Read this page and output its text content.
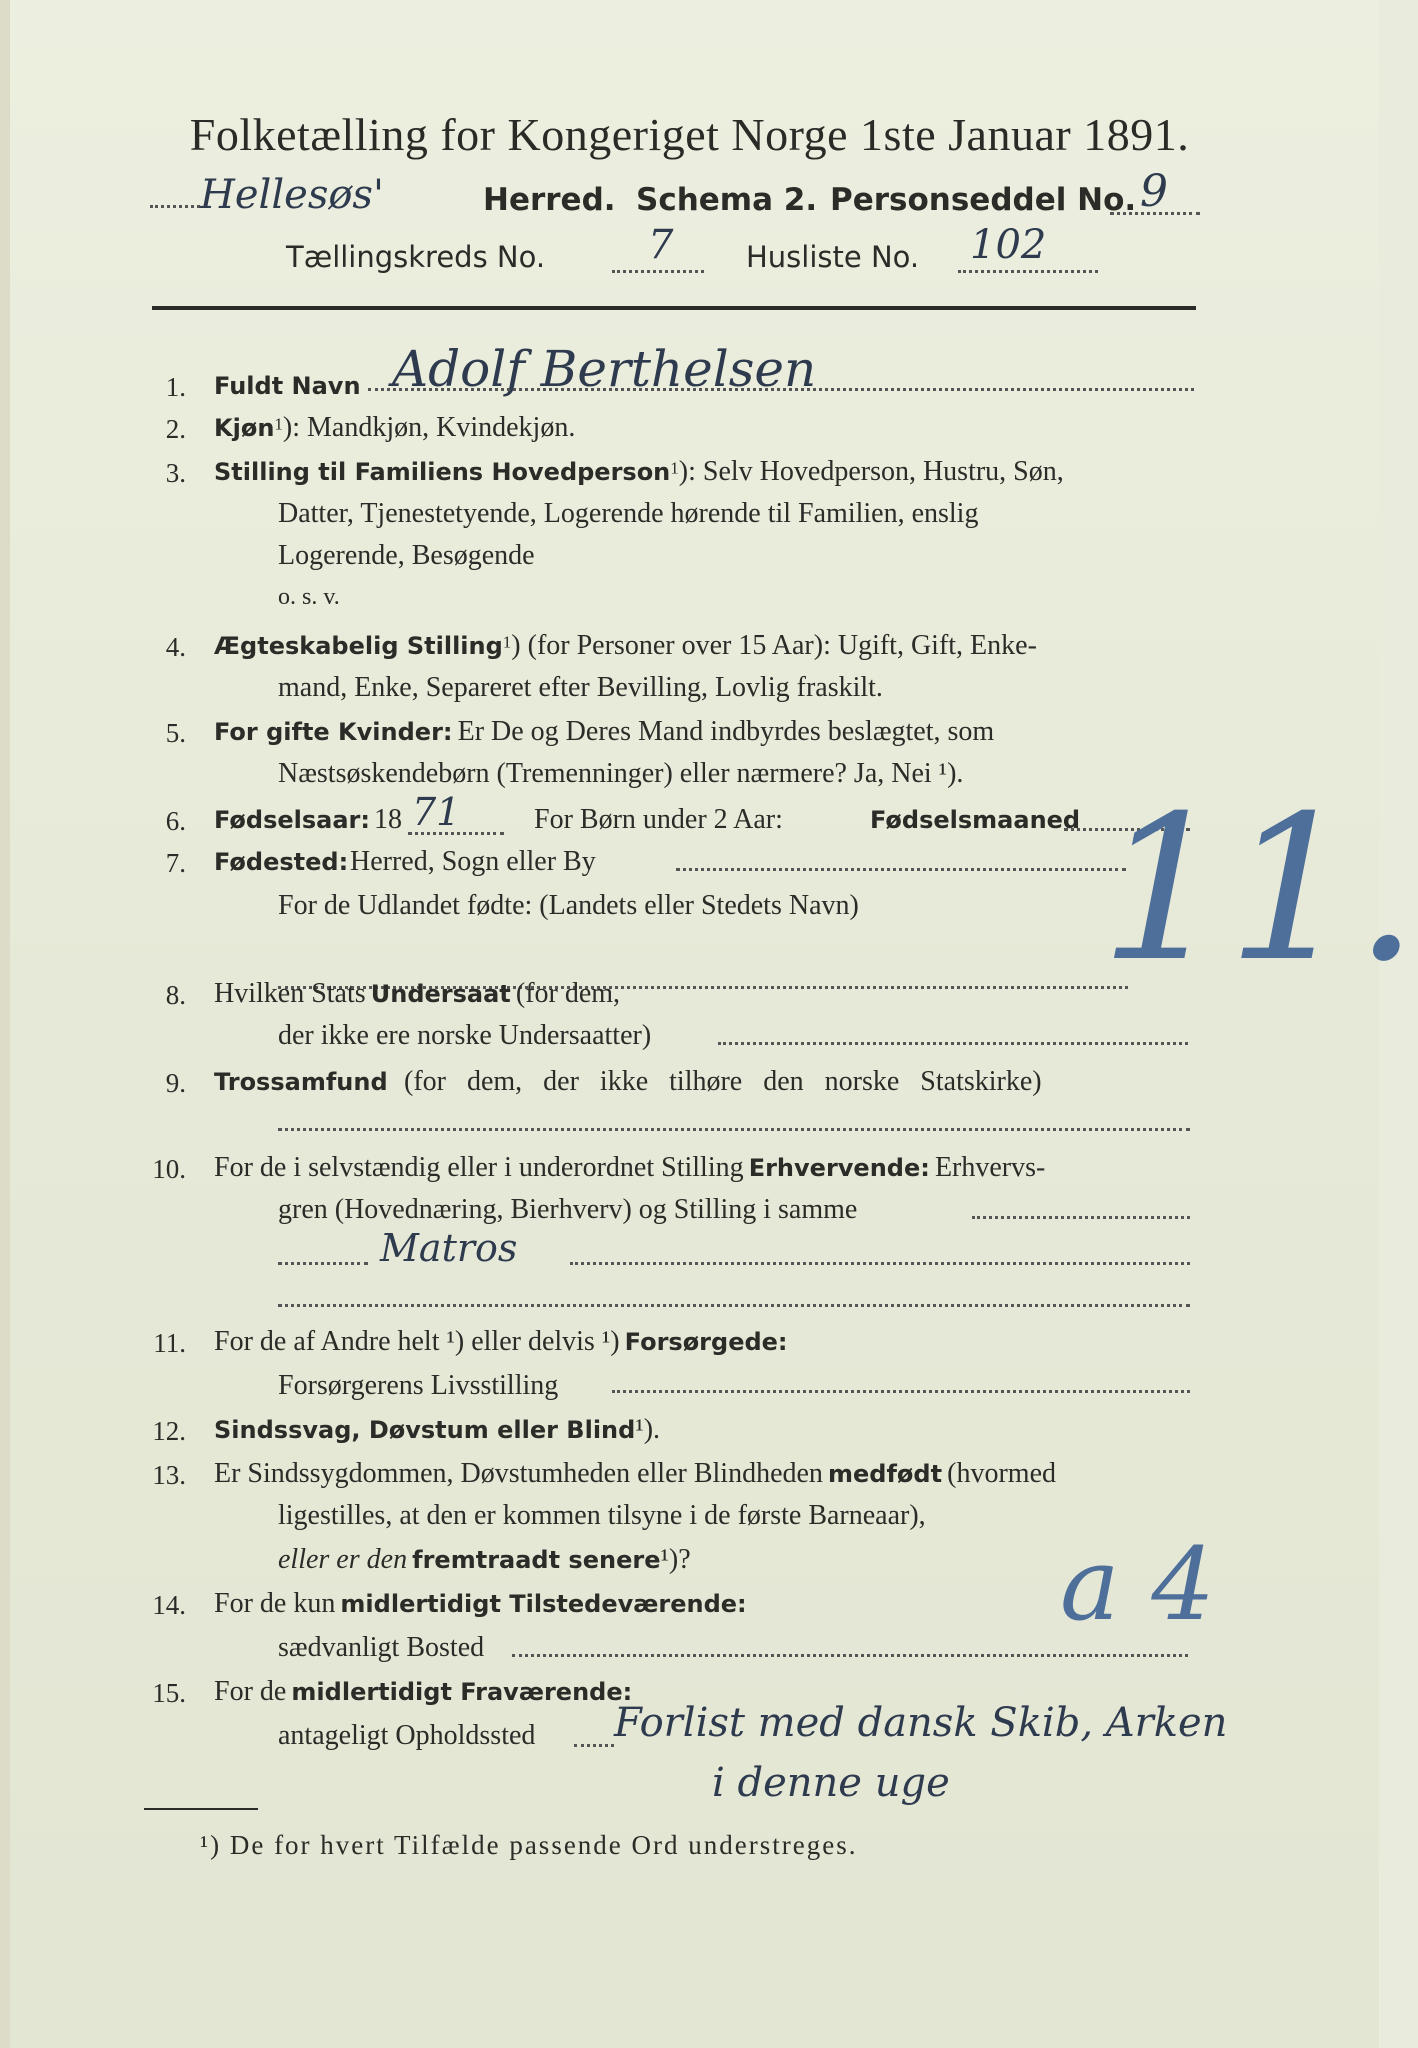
Folketælling for Kongeriget Norge 1ste Januar 1891.
Hellesøs'	Herred. Schema 2. Personseddel No. 9
Tællingskreds No.	7	Husliste No. 102
1. Fuldt Navn Adolf Berthelsen
2. Kjøn$^1$): Mandkjøn, Kvindekjøn.
3. Stilling til Familiens Hovedperson$^1$): Selv Hovedperson, Hustru, Søn,
Datter, Tjenestetyende, Logerende hørende til Familien, enslig
Logerende, Besøgende
o. s. v.
4. Ægteskabelig Stilling$^1$) (for Personer over 15 Aar): Ugift, Gift, Enke-
mand, Enke, Separeret efter Bevilling, Lovlig fraskilt.
5. For gifte Kvinder: Er De og Deres Mand indbyrdes beslægtet, som
Næstsøskendebørn (Tremenninger) eller nærmere? Ja, Nei ¹).
6. Fødselsaar: 18 71	For Børn under 2 Aar:	Fødselsmaaned
7. Fødested: Herred, Sogn eller By
For de Udlandet fødte: (Landets eller Stedets Navn) 11.
8. Hvilken Stats Undersaat (for dem,
der ikke ere norske Undersaatter)
9. Trossamfund (for dem, der ikke tilhøre den norske Statskirke)
10. For de i selvstændig eller i underordnet Stilling Erhvervende: Erhvervs-
gren (Hovednæring, Bierhverv) og Stilling i samme
Matros
11. For de af Andre helt ¹) eller delvis ¹) Forsørgede:
Forsørgerens Livsstilling
12. Sindssvag, Døvstum eller Blind¹).
13. Er Sindssygdommen, Døvstumheden eller Blindheden medfødt (hvormed
ligestilles, at den er kommen tilsyne i de første Barneaar),
eller er den fremtraadt senere¹)?	a 4
14. For de kun midlertidigt Tilstedeværende:
sædvanligt Bosted
15. For de midlertidigt Fraværende:
antageligt Opholdssted Forlist med dansk Skib, Arken
i denne uge
¹) De for hvert Tilfælde passende Ord understreges.
